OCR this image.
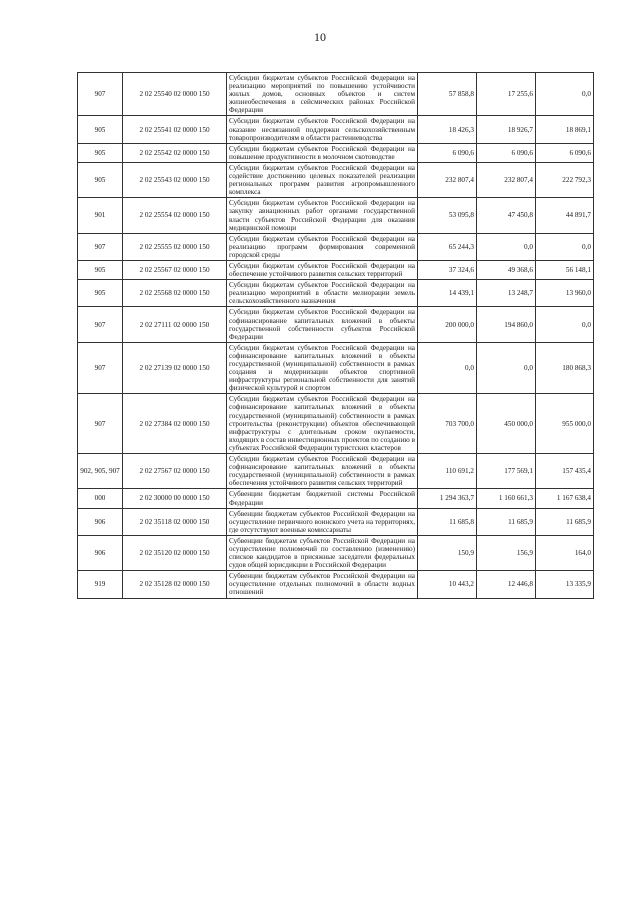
10
907	2 02 25540 02 0000 150	Субсидии бюджетам субъектов Российской Федерации на реализацию мероприятий по повышению устойчивости жилых домов, основных объектов и систем жизнеобеспечения в сейсмических районах Российской Федерации	57 858,8	17 255,6	0,0
905	2 02 25541 02 0000 150	Субсидии бюджетам субъектов Российской Федерации на оказание несвязанной поддержки сельскохозяйственным товаропроизводителям в области растениеводства	18 426,3	18 926,7	18 869,1
905	2 02 25542 02 0000 150	Субсидии бюджетам субъектов Российской Федерации на повышение продуктивности в молочном скотоводстве	6 090,6	6 090,6	6 090,6
905	2 02 25543 02 0000 150	Субсидии бюджетам субъектов Российской Федерации на содействие достижению целевых показателей реализации региональных программ развития агропромышленного комплекса	232 807,4	232 807,4	222 792,3
901	2 02 25554 02 0000 150	Субсидии бюджетам субъектов Российской Федерации на закупку авиационных работ органами государственной власти субъектов Российской Федерации для оказания медицинской помощи	53 095,8	47 450,8	44 891,7
907	2 02 25555 02 0000 150	Субсидии бюджетам субъектов Российской Федерации на реализацию программ формирования современной городской среды	65 244,3	0,0	0,0
905	2 02 25567 02 0000 150	Субсидии бюджетам субъектов Российской Федерации на обеспечение устойчивого развития сельских территорий	37 324,6	49 368,6	56 148,1
905	2 02 25568 02 0000 150	Субсидии бюджетам субъектов Российской Федерации на реализацию мероприятий в области мелиорации земель сельскохозяйственного назначения	14 439,1	13 248,7	13 960,0
907	2 02 27111 02 0000 150	Субсидии бюджетам субъектов Российской Федерации на софинансирование капитальных вложений в объекты государственной собственности субъектов Российской Федерации	200 000,0	194 860,0	0,0
907	2 02 27139 02 0000 150	Субсидии бюджетам субъектов Российской Федерации на софинансирование капитальных вложений в объекты государственной (муниципальной) собственности в рамках создания и модернизации объектов спортивной инфраструктуры региональной собственности для занятий физической культурой и спортом	0,0	0,0	180 868,3
907	2 02 27384 02 0000 150	Субсидии бюджетам субъектов Российской Федерации на софинансирование капитальных вложений в объекты государственной (муниципальной) собственности в рамках строительства (реконструкции) объектов обеспечивающей инфраструктуры с длительным сроком окупаемости, входящих в состав инвестиционных проектов по созданию в субъектах Российской Федерации туристских кластеров	703 700,0	450 000,0	955 000,0
902, 905, 907	2 02 27567 02 0000 150	Субсидии бюджетам субъектов Российской Федерации на софинансирование капитальных вложений в объекты государственной (муниципальной) собственности в рамках обеспечения устойчивого развития сельских территорий	110 691,2	177 569,1	157 435,4
000	2 02 30000 00 0000 150	Субвенции бюджетам бюджетной системы Российской Федерации	1 294 363,7	1 160 661,3	1 167 638,4
906	2 02 35118 02 0000 150	Субвенции бюджетам субъектов Российской Федерации на осуществление первичного воинского учета на территориях, где отсутствуют военные комиссариаты	11 685,8	11 685,9	11 685,9
906	2 02 35120 02 0000 150	Субвенции бюджетам субъектов Российской Федерации на осуществление полномочий по составлению (изменению) списков кандидатов в присяжные заседатели федеральных судов общей юрисдикции в Российской Федерации	150,9	156,9	164,0
919	2 02 35128 02 0000 150	Субвенции бюджетам субъектов Российской Федерации на осуществление отдельных полномочий в области водных отношений	10 443,2	12 446,8	13 335,9
